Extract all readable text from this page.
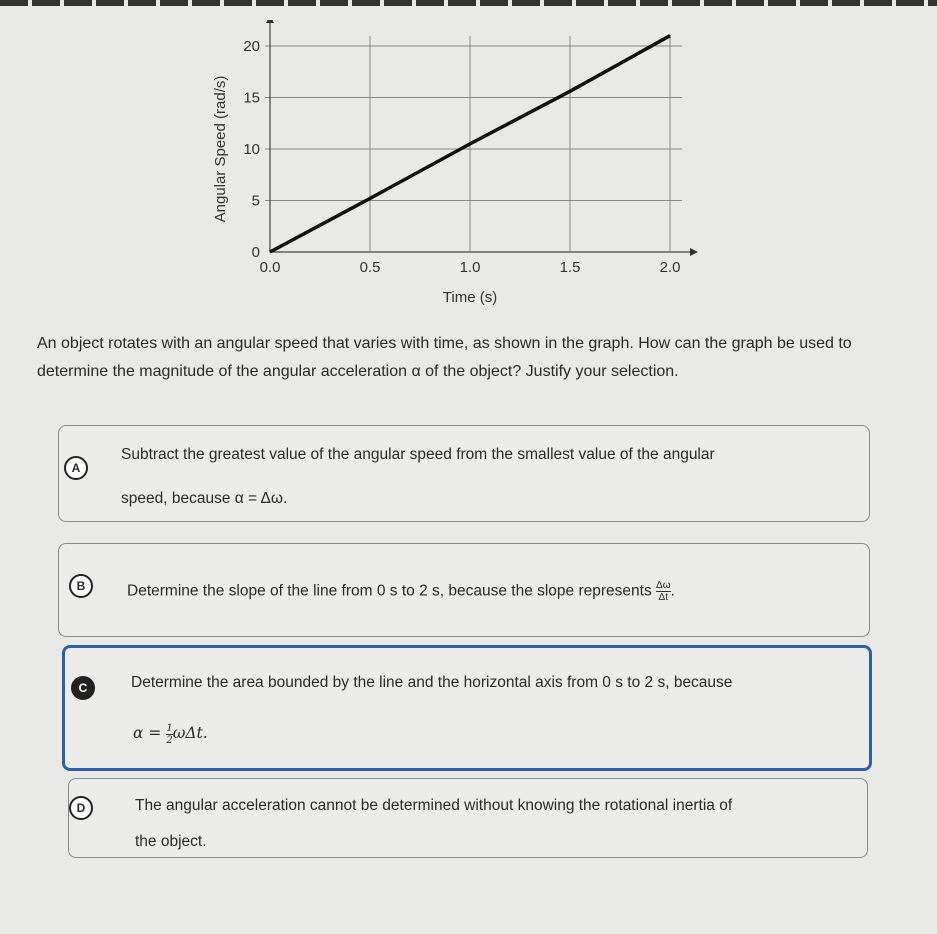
0.0	0.5	1.0	1.5	2.0
0
5
10
15
20
Time (s)
Angular Speed (rad/s)
An object rotates with an angular speed that varies with time, as shown in the graph. How can the graph be used to determine the magnitude of the angular acceleration α of the object? Justify your selection.
A
Subtract the greatest value of the angular speed from the smallest value of the angular
speed, because α = Δω.
B	Determine the slope of the line from 0 s to 2 s, because the slope represents $\frac{\Delta\omega}{\Delta t}$ .
C	Determine the area bounded by the line and the horizontal axis from 0 s to 2 s, because
$\alpha = \frac{1}{2} \omega\Delta t$.
D	The angular acceleration cannot be determined without knowing the rotational inertia of
the object.
